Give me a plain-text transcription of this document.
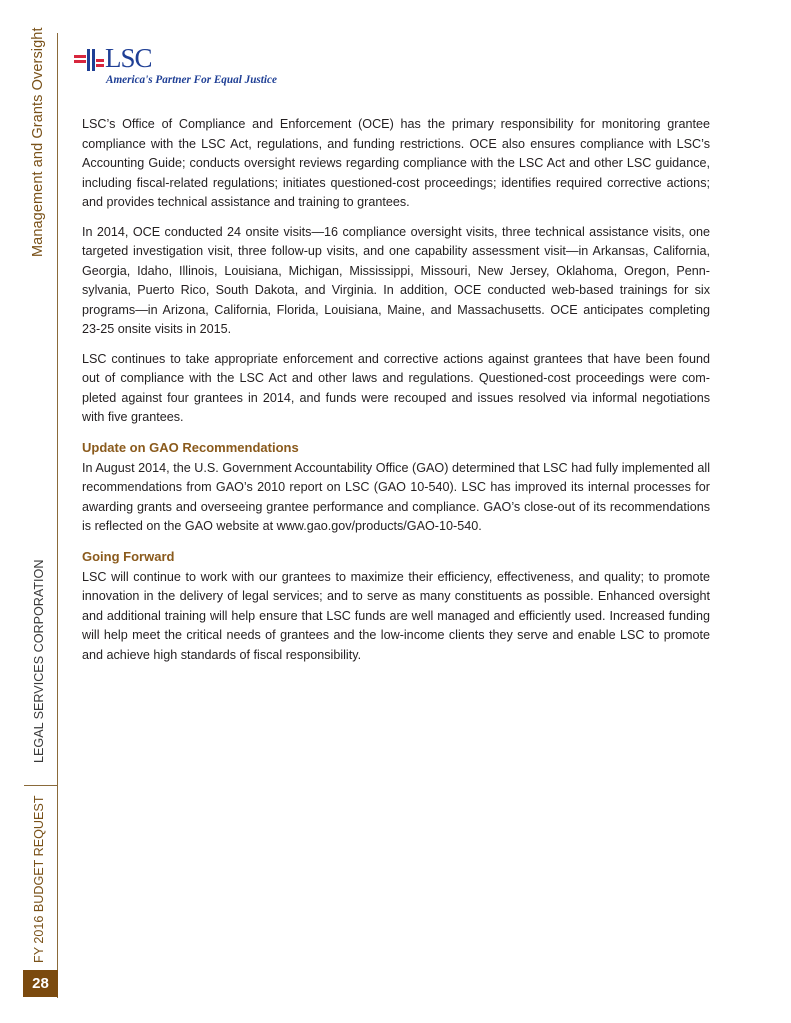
Management and Grants Oversight
LEGAL SERVICES CORPORATION
FY 2016 BUDGET REQUEST
28
LSC
America's Partner For Equal Justice

LSC’s Office of Compliance and Enforcement (OCE) has the primary responsibility for monitoring grantee compliance with the LSC Act, regulations, and funding restrictions. OCE also ensures compliance with LSC’s Accounting Guide; conducts oversight reviews regarding compliance with the LSC Act and other LSC guidance, including fiscal-related regulations; initiates questioned-cost proceedings; identifies required corrective actions; and provides technical assistance and training to grantees.

In 2014, OCE conducted 24 onsite visits—16 compliance oversight visits, three technical assistance visits, one targeted investigation visit, three follow-up visits, and one capability assessment visit—in Arkansas, California, Georgia, Idaho, Illinois, Louisiana, Michigan, Mississippi, Missouri, New Jersey, Oklahoma, Oregon, Pennsylvania, Puerto Rico, South Dakota, and Virginia. In addition, OCE conducted web-based trainings for six programs—in Arizona, California, Florida, Louisiana, Maine, and Massachusetts. OCE anticipates completing 23-25 onsite visits in 2015.

LSC continues to take appropriate enforcement and corrective actions against grantees that have been found out of compliance with the LSC Act and other laws and regulations. Questioned-cost proceedings were completed against four grantees in 2014, and funds were recouped and issues resolved via informal negotiations with five grantees.

Update on GAO Recommendations

In August 2014, the U.S. Government Accountability Office (GAO) determined that LSC had fully implemented all recommendations from GAO’s 2010 report on LSC (GAO 10-540). LSC has improved its internal processes for awarding grants and overseeing grantee performance and compliance. GAO’s close-out of its recommendations is reflected on the GAO website at www.gao.gov/products/GAO-10-540.

Going Forward

LSC will continue to work with our grantees to maximize their efficiency, effectiveness, and quality; to promote innovation in the delivery of legal services; and to serve as many constituents as possible. Enhanced oversight and additional training will help ensure that LSC funds are well managed and efficiently used. Increased funding will help meet the critical needs of grantees and the low-income clients they serve and enable LSC to promote and achieve high standards of fiscal responsibility.
